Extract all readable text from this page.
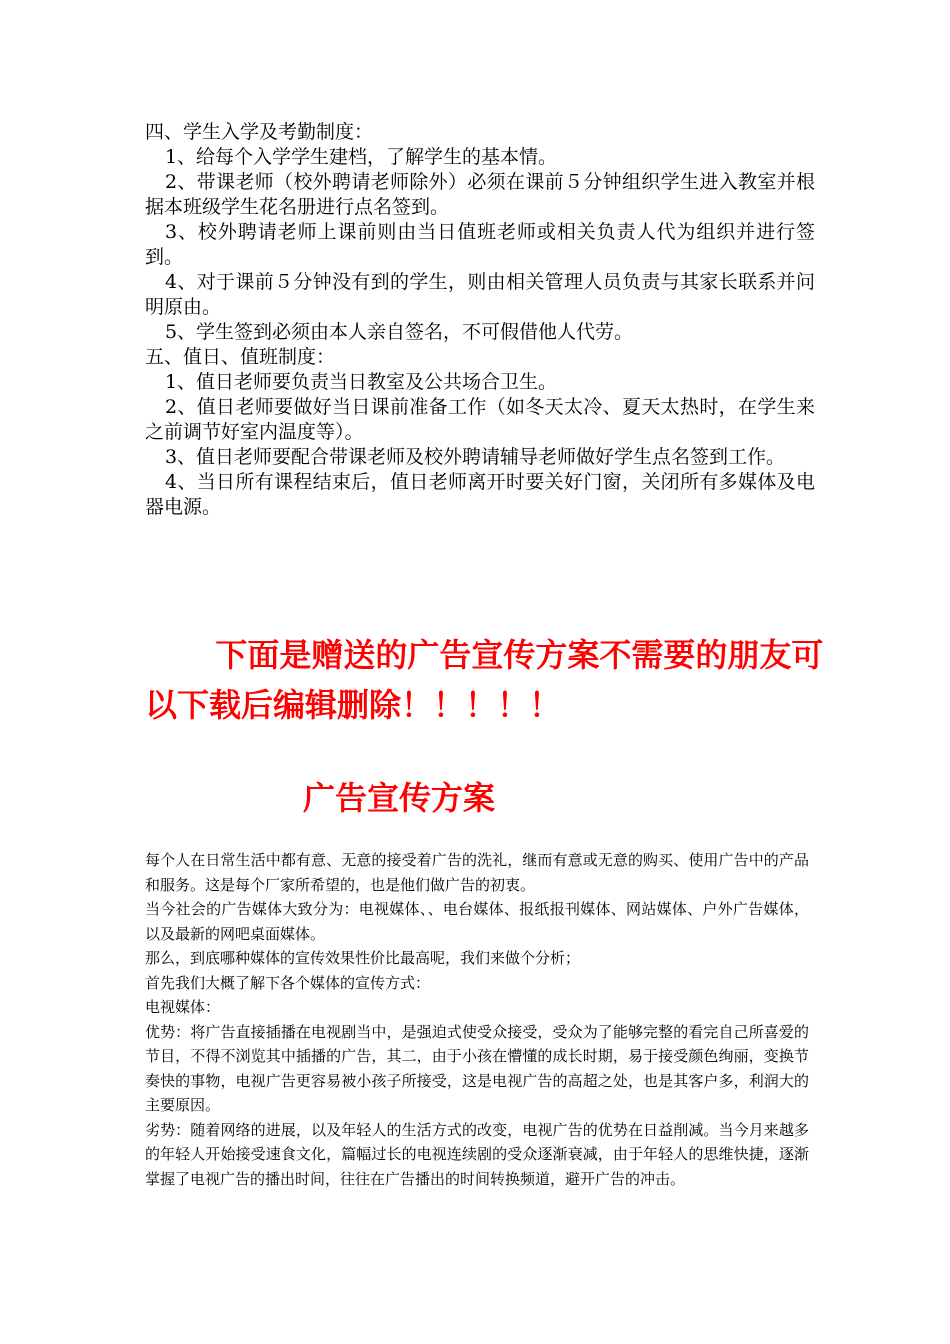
四、学生入学及考勤制度：

1、给每个入学学生建档，了解学生的基本情。

2、带课老师（校外聘请老师除外）必须在课前５分钟组织学生进入教室并根据本班级学生花名册进行点名签到。

3、校外聘请老师上课前则由当日值班老师或相关负责人代为组织并进行签到。

4、对于课前５分钟没有到的学生，则由相关管理人员负责与其家长联系并问明原由。

5、学生签到必须由本人亲自签名，不可假借他人代劳。

五、值日、值班制度：

1、值日老师要负责当日教室及公共场合卫生。

2、值日老师要做好当日课前准备工作（如冬天太冷、夏天太热时，在学生来之前调节好室内温度等）。

3、值日老师要配合带课老师及校外聘请辅导老师做好学生点名签到工作。

4、当日所有课程结束后，值日老师离开时要关好门窗，关闭所有多媒体及电器电源。

下面是赠送的广告宣传方案不需要的朋友可以下载后编辑删除！！！！！

广告宣传方案

每个人在日常生活中都有意、无意的接受着广告的洗礼，继而有意或无意的购买、使用广告中的产品和服务。这是每个厂家所希望的，也是他们做广告的初衷。

当今社会的广告媒体大致分为：电视媒体、、电台媒体、报纸报刊媒体、网站媒体、户外广告媒体，以及最新的网吧桌面媒体。

那么，到底哪种媒体的宣传效果性价比最高呢，我们来做个分析；

首先我们大概了解下各个媒体的宣传方式：

电视媒体：

优势：将广告直接插播在电视剧当中，是强迫式使受众接受，受众为了能够完整的看完自己所喜爱的节目，不得不浏览其中插播的广告，其二，由于小孩在懵懂的成长时期，易于接受颜色绚丽，变换节奏快的事物，电视广告更容易被小孩子所接受，这是电视广告的高超之处，也是其客户多，利润大的主要原因。

劣势：随着网络的进展，以及年轻人的生活方式的改变，电视广告的优势在日益削减。当今月来越多的年轻人开始接受速食文化，篇幅过长的电视连续剧的受众逐渐衰减，由于年轻人的思维快捷，逐渐掌握了电视广告的播出时间，往往在广告播出的时间转换频道，避开广告的冲击。
